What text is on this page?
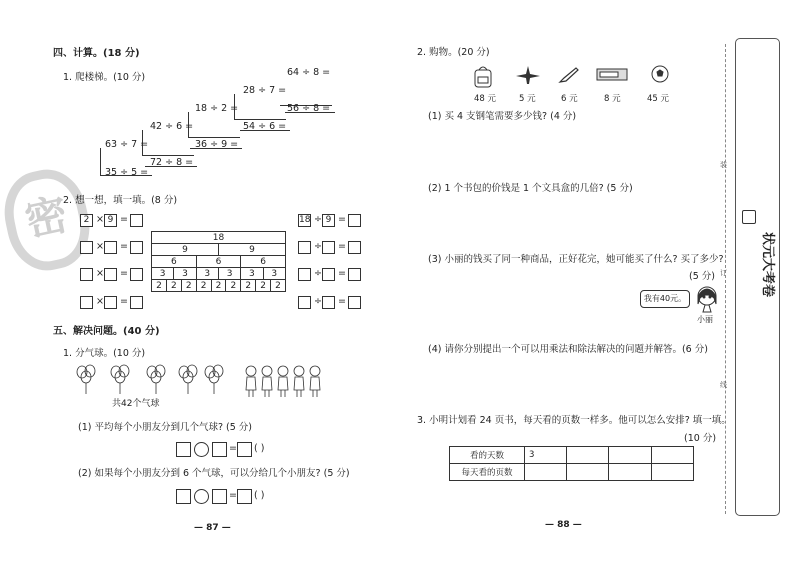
密
四、计算。(18 分)
1. 爬楼梯。(10 分)
35 ÷ 5 =
63 ÷ 7 =
72 ÷ 8 =
42 ÷ 6 =
36 ÷ 9 =
18 ÷ 2 =
54 ÷ 6 =
28 ÷ 7 =
56 ÷ 8 =
64 ÷ 8 =
2. 想一想，填一填。(8 分)
2 × 9 =
× =
× =
× =
18											
9						9					
6				6				6			
3		3		3		3		3		3	
2	2		2	2	2		2	2	2		2
18 ÷ 9 =
÷ =
÷ =
÷ =
五、解决问题。(40 分)
1. 分气球。(10 分)
共42个气球
(1) 平均每个小朋友分到几个气球? (5 分)
= ( )
(2) 如果每个小朋友分到 6 个气球，可以分给几个小朋友? (5 分)
= ( )
— 87 —
2. 购物。(20 分)
48 元	5 元	6 元	8 元	45 元
(1) 买 4 支钢笔需要多少钱? (4 分)
(2) 1 个书包的价钱是 1 个文具盒的几倍? (5 分)
(3) 小丽的钱买了同一种商品，正好花完，她可能买了什么? 买了多少?
(5 分)
我有40元。
小丽
(4) 请你分别提出一个可以用乘法和除法解决的问题并解答。(6 分)
3. 小明计划看 24 页书，每天看的页数一样多。他可以怎么安排? 填一填。
(10 分)
看的天数	3			
每天看的页数				
— 88 —
装
订
线
状元大考卷
